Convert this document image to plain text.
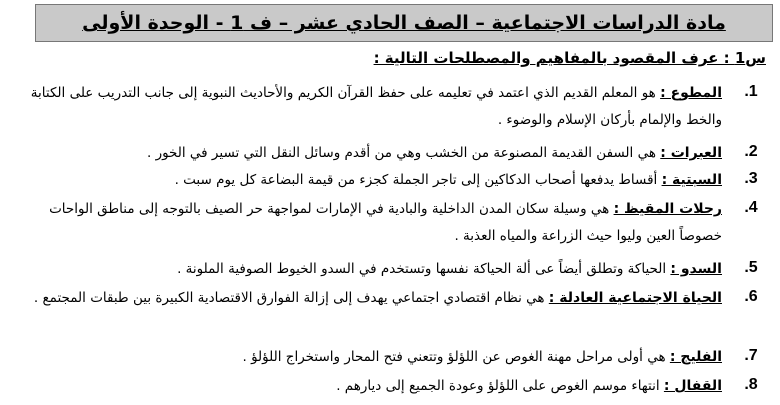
مادة الدراسات الاجتماعية – الصف الحادي عشر – ف 1 - الوحدة الأولى
س1 : عرف المقصود بالمفاهيم والمصطلحات التالية :
1.
المطوع : هو المعلم القديم الذي اعتمد في تعليمه على حفظ القرآن الكريم والأحاديث النبوية إلى جانب التدريب على الكتابة والخط والإلمام بأركان الإسلام والوضوء .
2.
العبرات : هي السفن القديمة المصنوعة من الخشب وهي من أقدم وسائل النقل التي تسير في الخور .
3.
السبتية : أقساط يدفعها أصحاب الدكاكين إلى تاجر الجملة كجزء من قيمة البضاعة كل يوم سبت .
4.
رحلات المقيظ : هي وسيلة سكان المدن الداخلية والبادية في الإمارات لمواجهة حر الصيف بالتوجه إلى مناطق الواحات خصوصاً العين وليوا حيث الزراعة والمياه العذبة .
5.
السدو : الحياكة وتطلق أيضاً عى ألة الحياكة نفسها وتستخدم في السدو الخيوط الصوفية الملونة .
6.
الحياة الاجتماعية العادلة : هي نظام اقتصادي اجتماعي يهدف إلى إزالة الفوارق الاقتصادية الكبيرة بين طبقات المجتمع .
7.
الفليج : هي أولى مراحل مهنة الغوص عن اللؤلؤ وتتعني فتح المحار واستخراج اللؤلؤ .
8.
القفال : انتهاء موسم الغوص على اللؤلؤ وعودة الجميع إلى ديارهم .
